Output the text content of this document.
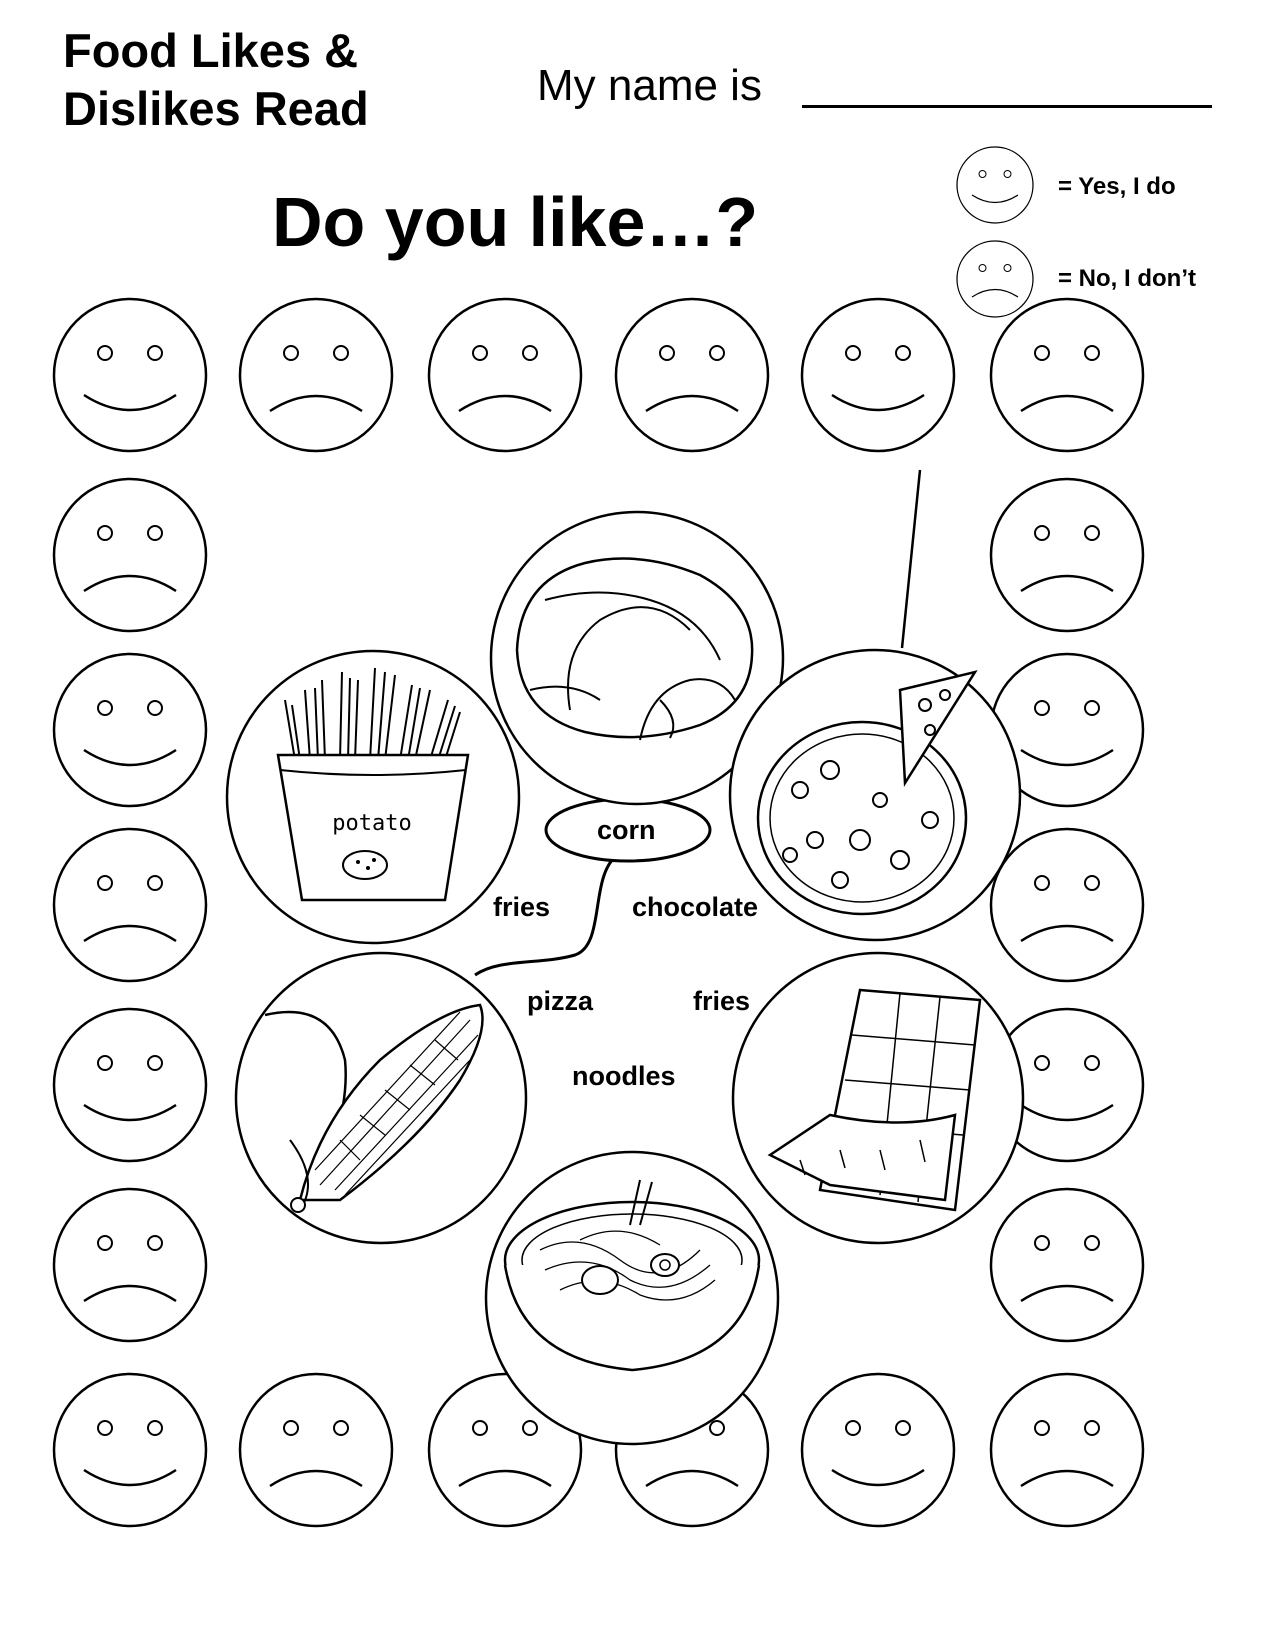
potato
Food Likes &
Dislikes Read	My name is
Do you like…?	= Yes, I do
= No, I don’t
corn
fries	chocolate
pizza	fries
noodles
